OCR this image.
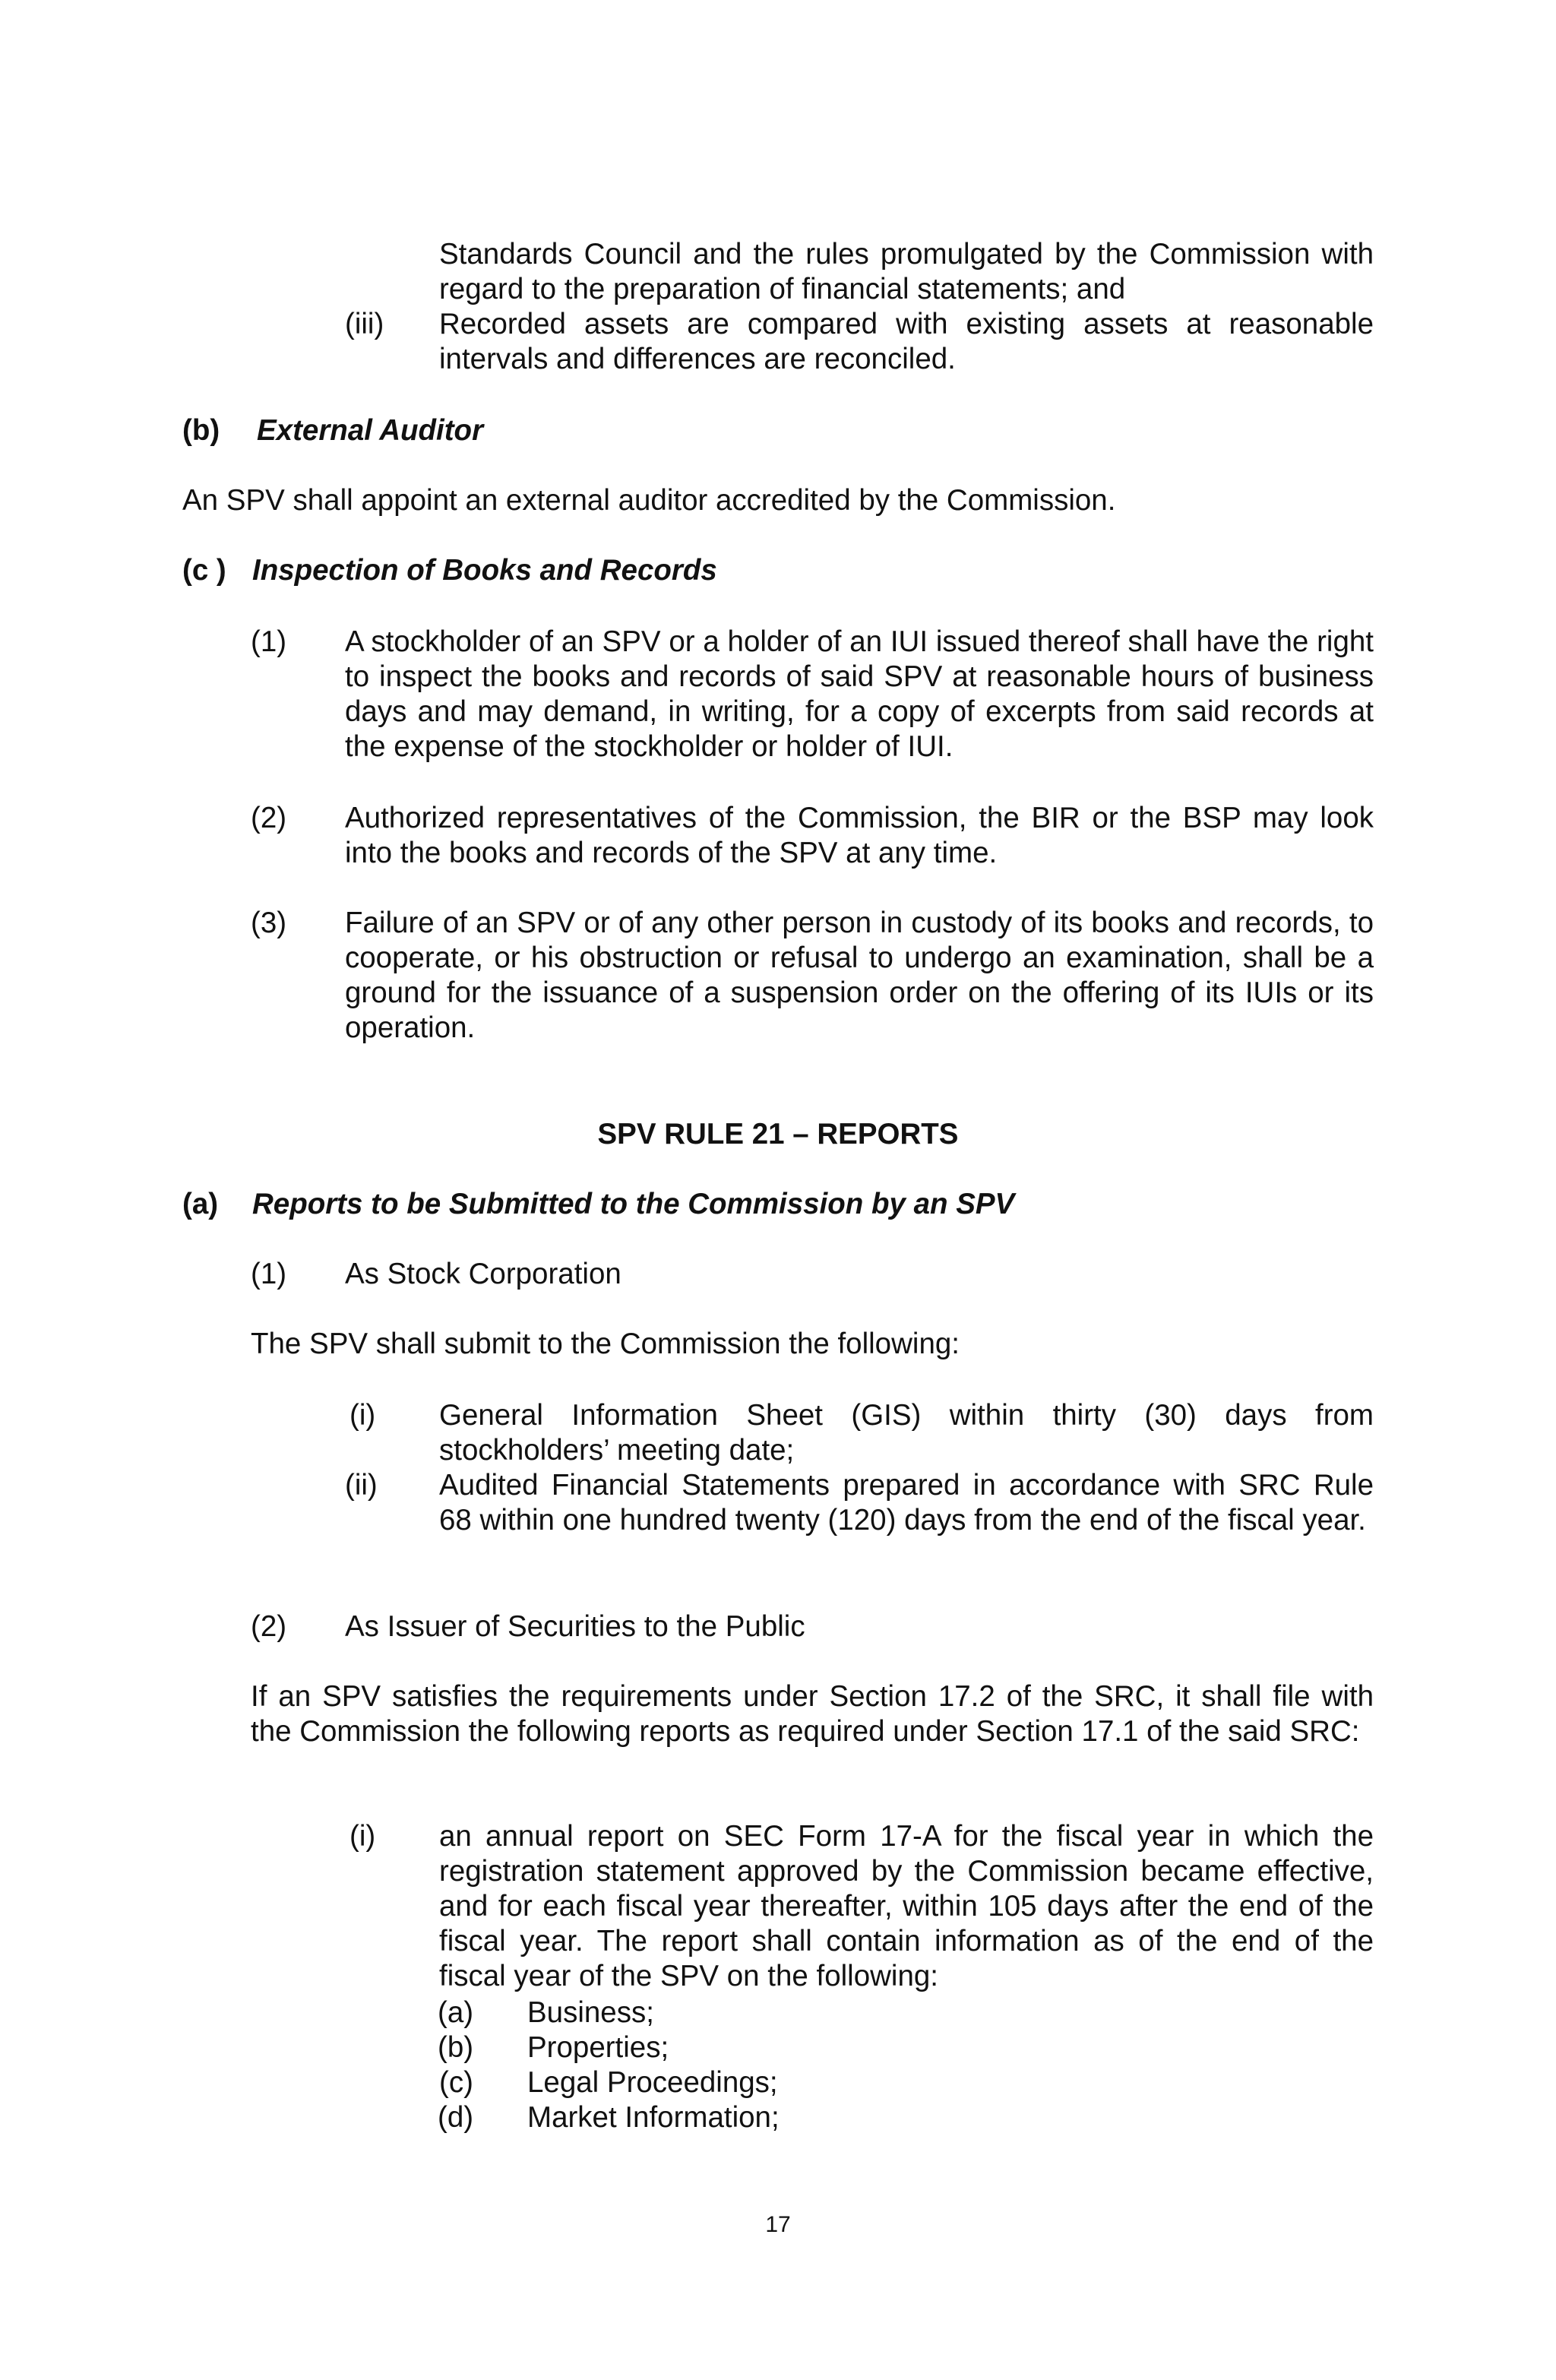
Standards Council and the rules promulgated by the Commission with regard to the preparation of financial statements; and

(iii) Recorded assets are compared with existing assets at reasonable intervals and differences are reconciled.

(b) External Auditor

An SPV shall appoint an external auditor accredited by the Commission.

(c ) Inspection of Books and Records

(1) A stockholder of an SPV or a holder of an IUI issued thereof shall have the right to inspect the books and records of said SPV at reasonable hours of business days and may demand, in writing, for a copy of excerpts from said records at the expense of the stockholder or holder of IUI.

(2) Authorized representatives of the Commission, the BIR or the BSP may look into the books and records of the SPV at any time.

(3) Failure of an SPV or of any other person in custody of its books and records, to cooperate, or his obstruction or refusal to undergo an examination, shall be a ground for the issuance of a suspension order on the offering of its IUIs or its operation.

SPV RULE 21 – REPORTS

(a) Reports to be Submitted to the Commission by an SPV

(1) As Stock Corporation

The SPV shall submit to the Commission the following:

(i) General Information Sheet (GIS) within thirty (30) days from stockholders’ meeting date;

(ii) Audited Financial Statements prepared in accordance with SRC Rule 68 within one hundred twenty (120) days from the end of the fiscal year.

(2) As Issuer of Securities to the Public

If an SPV satisfies the requirements under Section 17.2 of the SRC, it shall file with the Commission the following reports as required under Section 17.1 of the said SRC:

(i) an annual report on SEC Form 17-A for the fiscal year in which the registration statement approved by the Commission became effective, and for each fiscal year thereafter, within 105 days after the end of the fiscal year. The report shall contain information as of the end of the fiscal year of the SPV on the following:

(a) Business;

(b) Properties;

(c) Legal Proceedings;

(d) Market Information;

17
